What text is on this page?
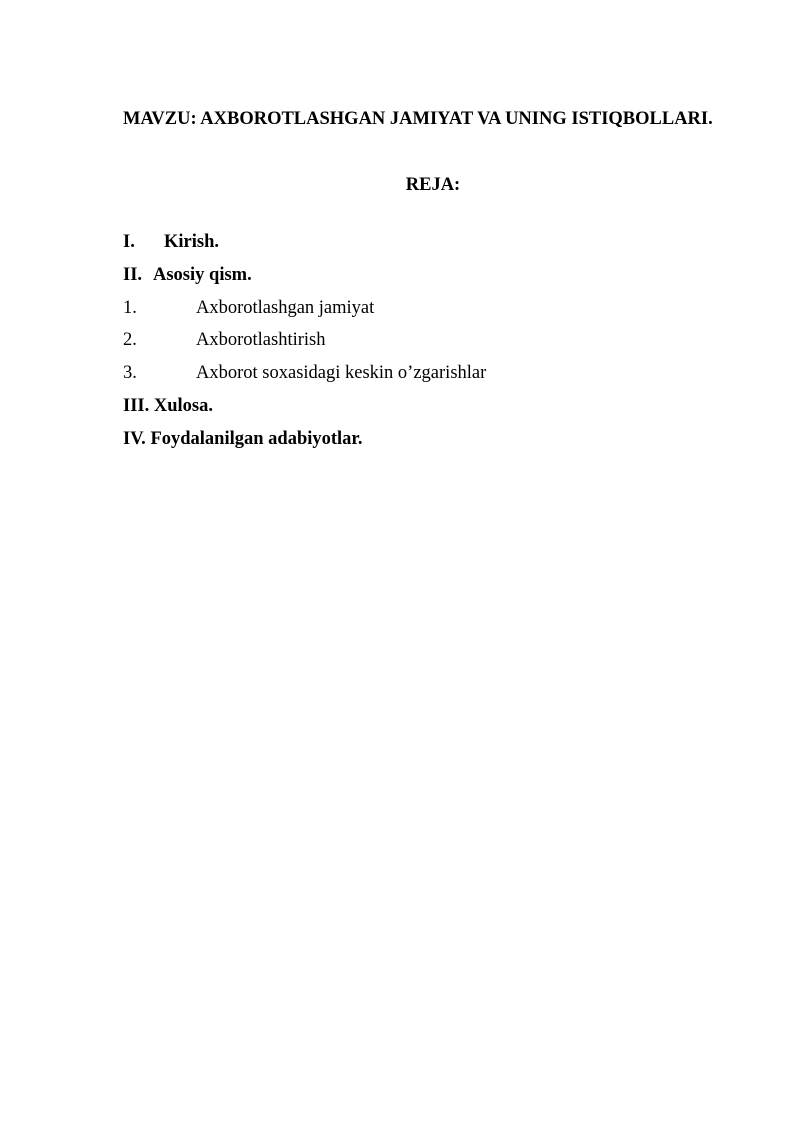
MAVZU: AXBOROTLASHGAN JAMIYAT VA UNING ISTIQBOLLARI.
REJA:
I. Kirish.
II. Asosiy qism.
1.	Axborotlashgan jamiyat
2.	Axborotlashtirish
3.	Axborot soxasidagi keskin o’zgarishlar
III. Xulosa.
IV. Foydalanilgan adabiyotlar.
